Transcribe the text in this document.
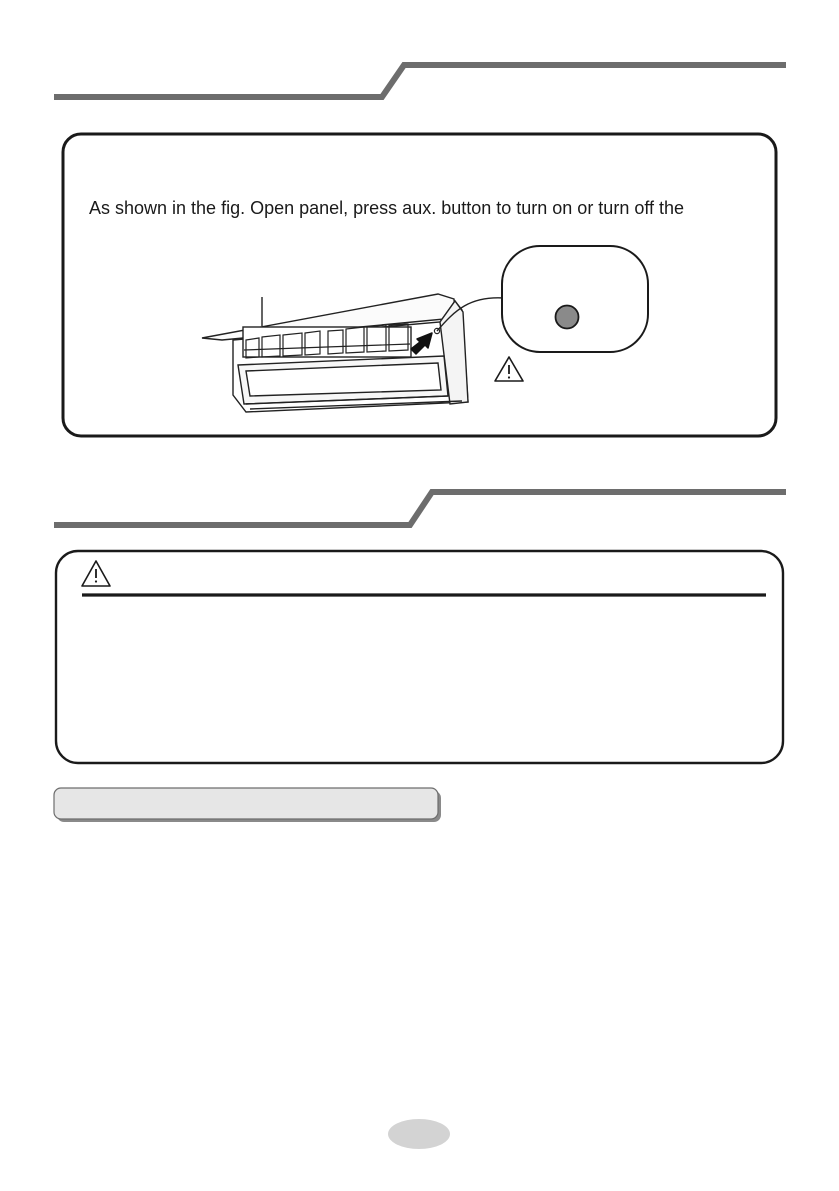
As shown in the fig. Open panel, press aux. button to turn on or turn off the
